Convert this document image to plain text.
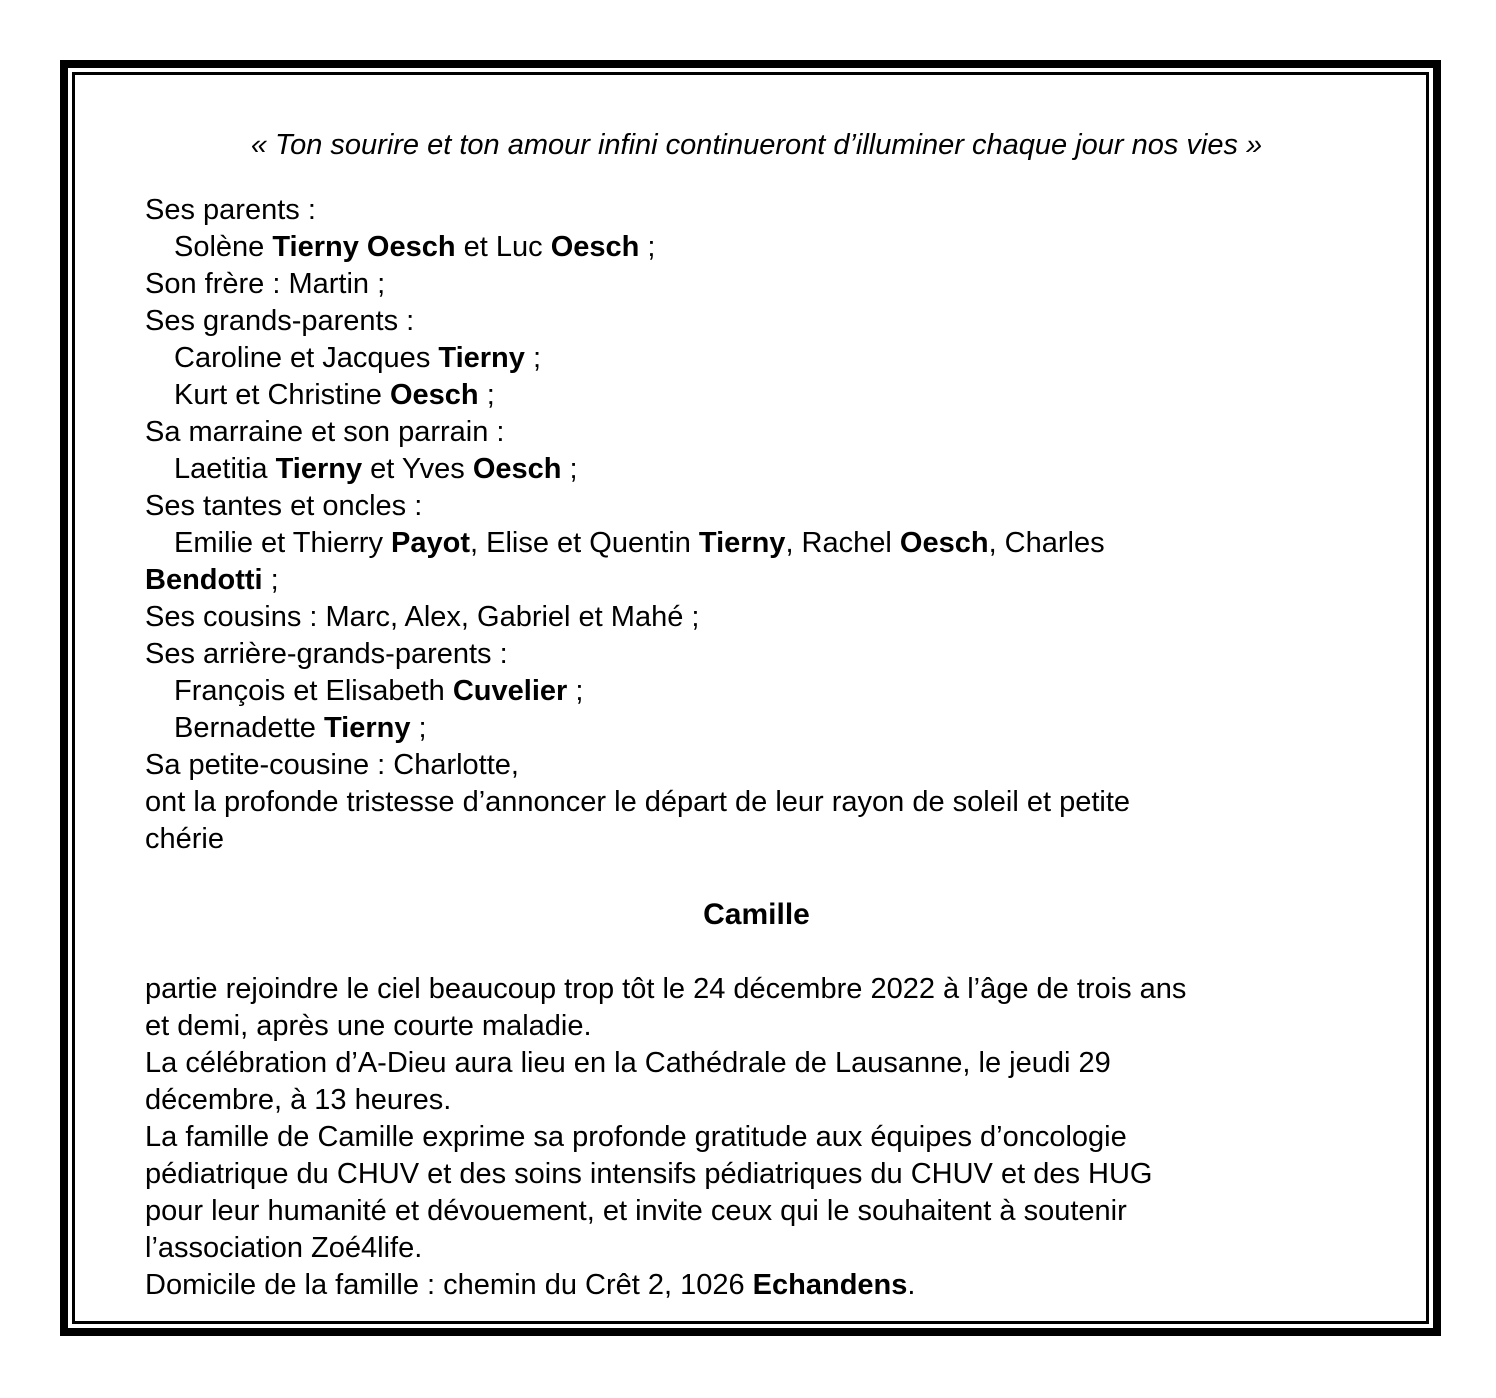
« Ton sourire et ton amour infini continueront d’illuminer chaque jour nos vies »
Ses parents :
Solène Tierny Oesch et Luc Oesch ;
Son frère : Martin ;
Ses grands-parents :
Caroline et Jacques Tierny ;
Kurt et Christine Oesch ;
Sa marraine et son parrain :
Laetitia Tierny et Yves Oesch ;
Ses tantes et oncles :
Emilie et Thierry Payot, Elise et Quentin Tierny, Rachel Oesch, Charles
Bendotti ;
Ses cousins : Marc, Alex, Gabriel et Mahé ;
Ses arrière-grands-parents :
François et Elisabeth Cuvelier ;
Bernadette Tierny ;
Sa petite-cousine : Charlotte,
ont la profonde tristesse d’annoncer le départ de leur rayon de soleil et petite
chérie
Camille
partie rejoindre le ciel beaucoup trop tôt le 24 décembre 2022 à l’âge de trois ans
et demi, après une courte maladie.
La célébration d’A-Dieu aura lieu en la Cathédrale de Lausanne, le jeudi 29
décembre, à 13 heures.
La famille de Camille exprime sa profonde gratitude aux équipes d’oncologie
pédiatrique du CHUV et des soins intensifs pédiatriques du CHUV et des HUG
pour leur humanité et dévouement, et invite ceux qui le souhaitent à soutenir
l’association Zoé4life.
Domicile de la famille : chemin du Crêt 2, 1026 Echandens.
